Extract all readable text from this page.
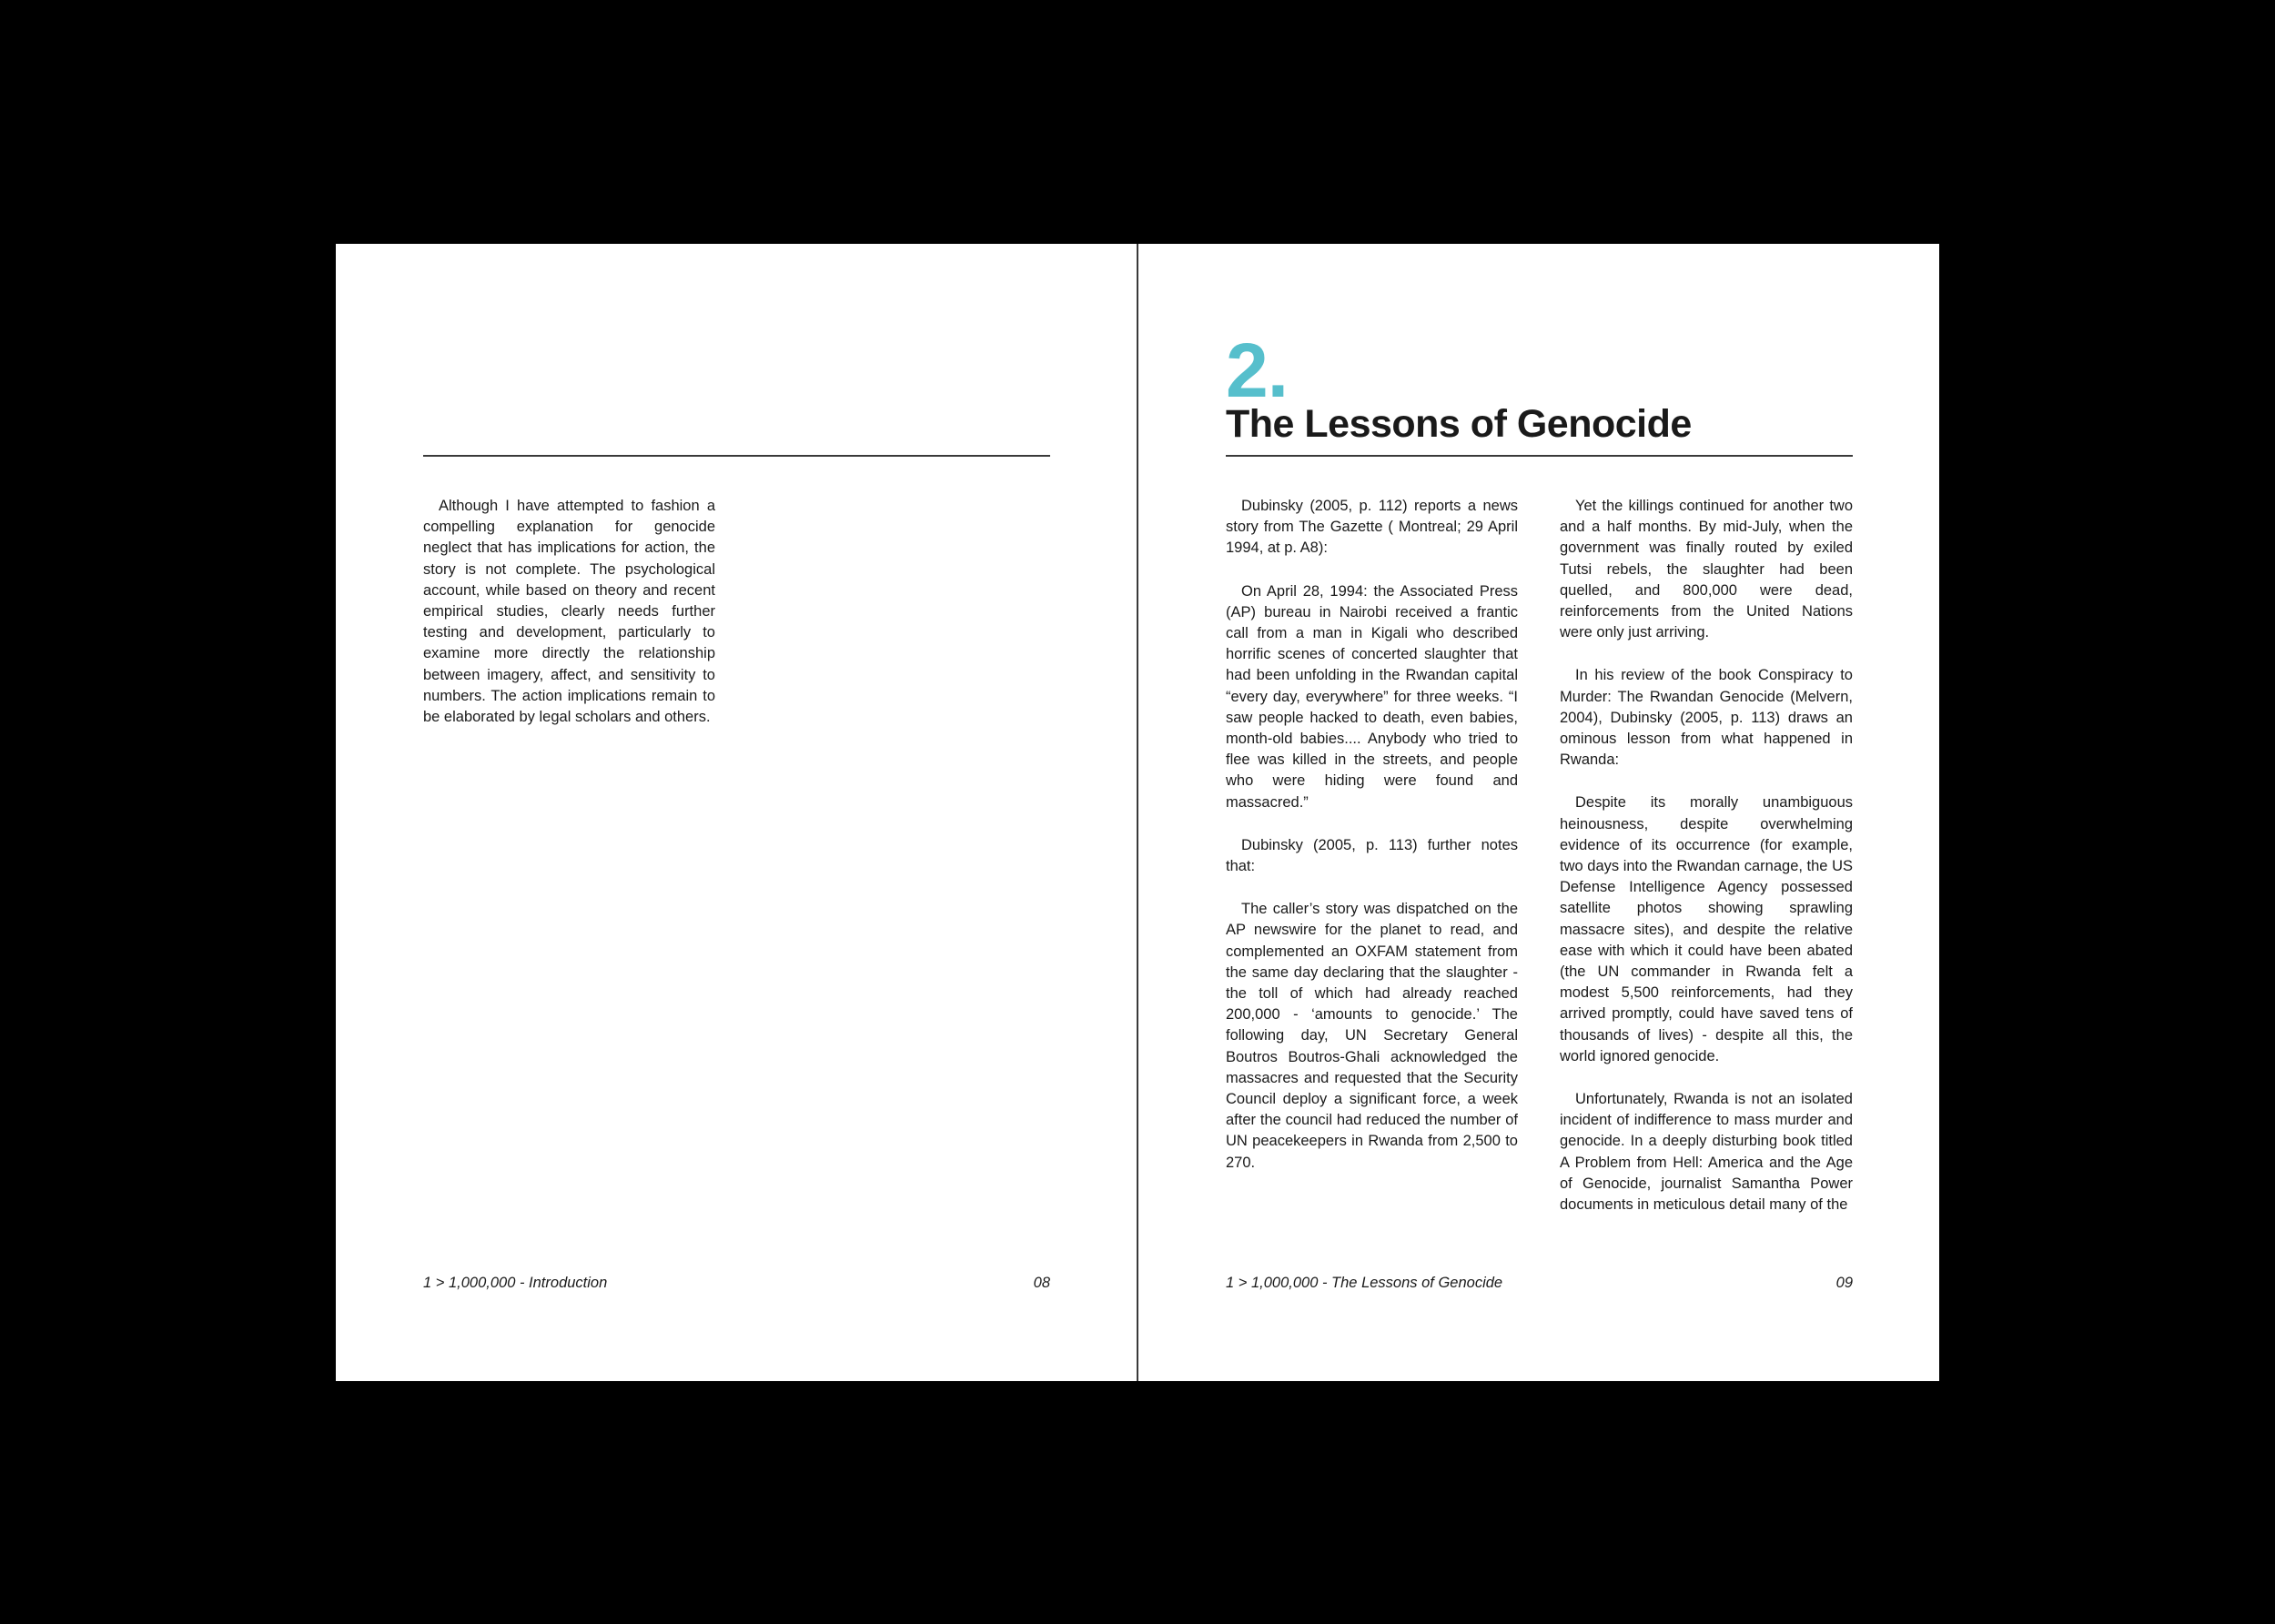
Although I have attempted to fashion a compelling explanation for genocide neglect that has implications for action, the story is not complete. The psychological account, while based on theory and recent empirical studies, clearly needs further testing and development, particularly to examine more directly the relationship between imagery, affect, and sensitivity to numbers. The action implications remain to be elaborated by legal scholars and others.

1 > 1,000,000 - Introduction	08
2.
The Lessons of Genocide

Dubinsky (2005, p. 112) reports a news story from The Gazette ( Montreal; 29 April 1994, at p. A8):

On April 28, 1994: the Associated Press (AP) bureau in Nairobi received a frantic call from a man in Kigali who described horrific scenes of concerted slaughter that had been unfolding in the Rwandan capital “every day, everywhere” for three weeks. “I saw people hacked to death, even babies, month-old babies.... Anybody who tried to flee was killed in the streets, and people who were hiding were found and massacred.”

Dubinsky (2005, p. 113) further notes that:

The caller’s story was dispatched on the AP newswire for the planet to read, and complemented an OXFAM statement from the same day declaring that the slaughter - the toll of which had already reached 200,000 - ‘amounts to genocide.’ The following day, UN Secretary General Boutros Boutros-Ghali acknowledged the massacres and requested that the Security Council deploy a significant force, a week after the council had reduced the number of UN peacekeepers in Rwanda from 2,500 to 270.

Yet the killings continued for another two and a half months. By mid-July, when the government was finally routed by exiled Tutsi rebels, the slaughter had been quelled, and 800,000 were dead, reinforcements from the United Nations were only just arriving.

In his review of the book Conspiracy to Murder: The Rwandan Genocide (Melvern, 2004), Dubinsky (2005, p. 113) draws an ominous lesson from what happened in Rwanda:

Despite its morally unambiguous heinousness, despite overwhelming evidence of its occurrence (for example, two days into the Rwandan carnage, the US Defense Intelligence Agency possessed satellite photos showing sprawling massacre sites), and despite the relative ease with which it could have been abated (the UN commander in Rwanda felt a modest 5,500 reinforcements, had they arrived promptly, could have saved tens of thousands of lives) - despite all this, the world ignored genocide.

Unfortunately, Rwanda is not an isolated incident of indifference to mass murder and genocide. In a deeply disturbing book titled A Problem from Hell: America and the Age of Genocide, journalist Samantha Power documents in meticulous detail many of the

1 > 1,000,000 - The Lessons of Genocide	09
